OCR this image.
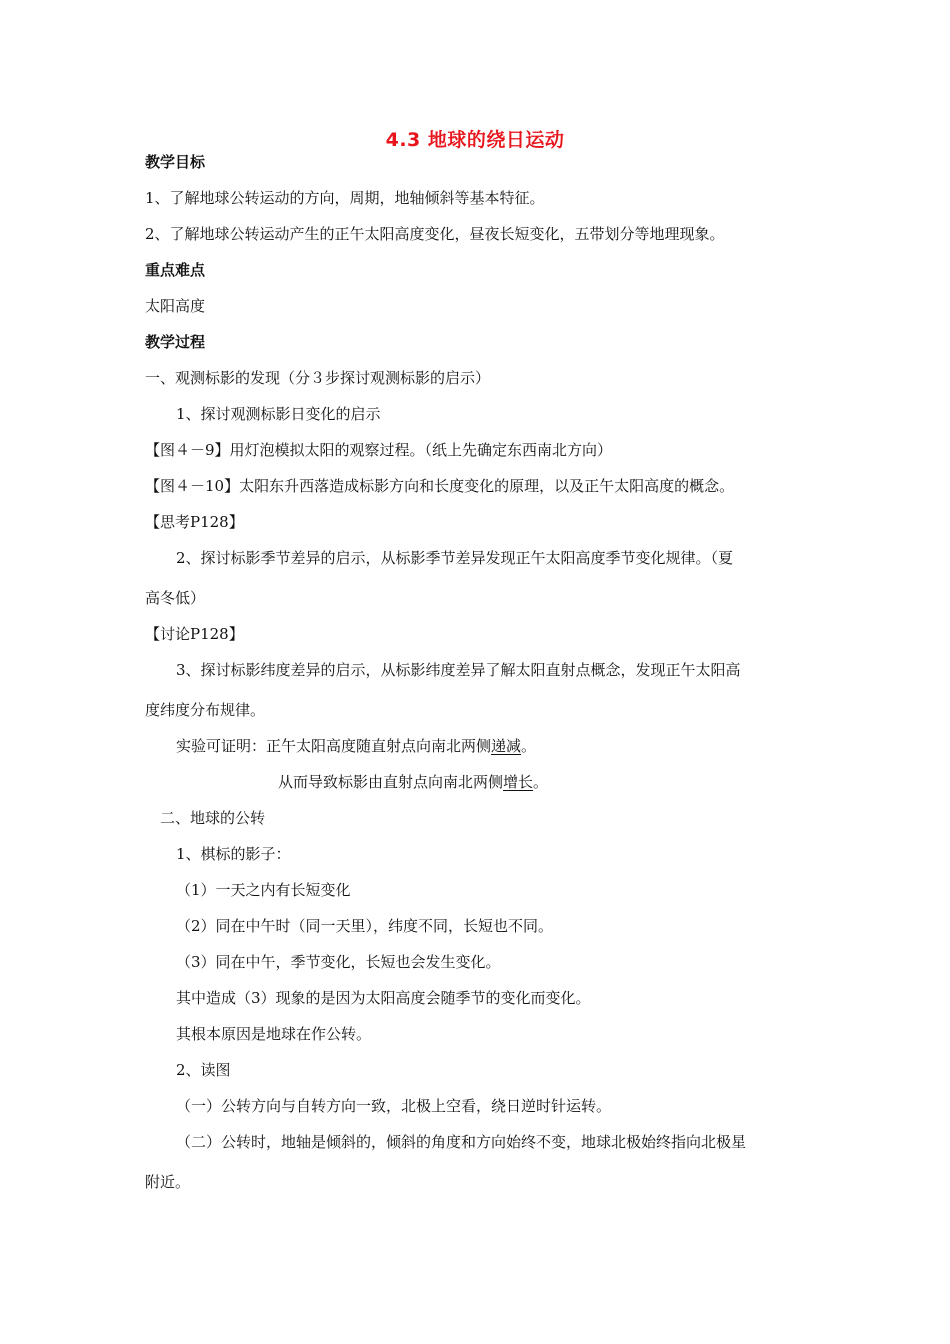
4.3 地球的绕日运动
教学目标
1、了解地球公转运动的方向，周期，地轴倾斜等基本特征。
2、了解地球公转运动产生的正午太阳高度变化，昼夜长短变化，五带划分等地理现象。
重点难点
太阳高度
教学过程
一、观测标影的发现（分３步探讨观测标影的启示）
1、探讨观测标影日变化的启示
【图４－9】用灯泡模拟太阳的观察过程。（纸上先确定东西南北方向）
【图４－10】太阳东升西落造成标影方向和长度变化的原理，以及正午太阳高度的概念。
【思考P128】
2、探讨标影季节差异的启示，从标影季节差异发现正午太阳高度季节变化规律。（夏
高冬低）
【讨论P128】
3、探讨标影纬度差异的启示，从标影纬度差异了解太阳直射点概念，发现正午太阳高
度纬度分布规律。
实验可证明：正午太阳高度随直射点向南北两侧递减。
从而导致标影由直射点向南北两侧增长。
二、地球的公转
1、棋标的影子：
（1）一天之内有长短变化
（2）同在中午时（同一天里），纬度不同，长短也不同。
（3）同在中午，季节变化，长短也会发生变化。
其中造成（3）现象的是因为太阳高度会随季节的变化而变化。
其根本原因是地球在作公转。
2、读图
（一）公转方向与自转方向一致，北极上空看，绕日逆时针运转。
（二）公转时，地轴是倾斜的，倾斜的角度和方向始终不变，地球北极始终指向北极星
附近。
